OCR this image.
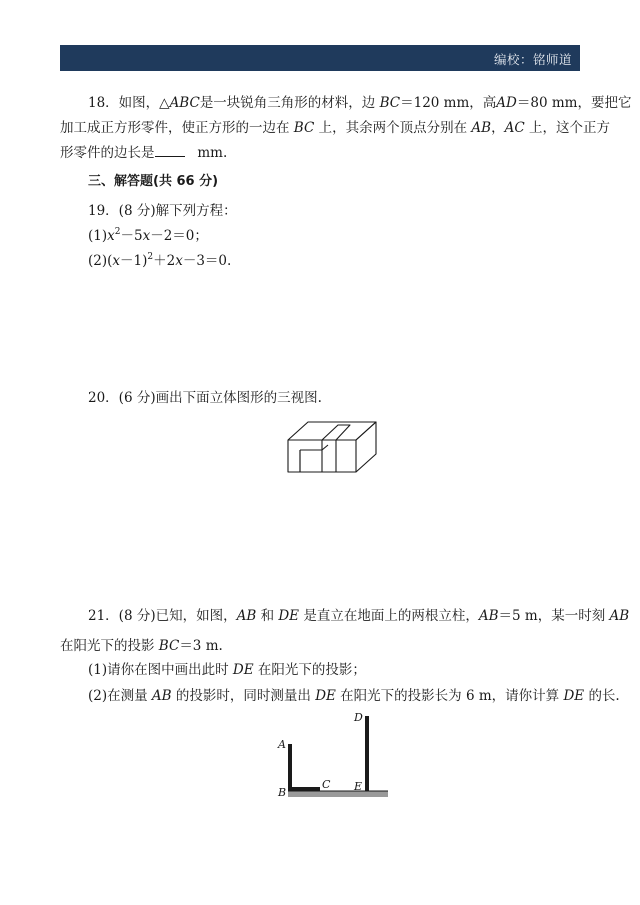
编校：铭师道
18．如图，△ABC是一块锐角三角形的材料，边 BC＝120 mm，高AD＝80 mm，要把它
加工成正方形零件，使正方形的一边在 BC 上，其余两个顶点分别在 AB，AC 上，这个正方
形零件的边长是	mm.
三、解答题(共 66 分)
19．(8 分)解下列方程：
$(1)x^2-5x-2=0$；
$(2)(x-1)^2+2x-3=0$.
20．(6 分)画出下面立体图形的三视图.
21．(8 分)已知，如图，AB 和 DE 是直立在地面上的两根立柱，AB＝5 m，某一时刻 AB
在阳光下的投影 BC＝3 m.
(1)请你在图中画出此时 DE 在阳光下的投影；
(2)在测量 AB 的投影时，同时测量出 DE 在阳光下的投影长为 6 m，请你计算 DE 的长.
A
B
C
D
E
